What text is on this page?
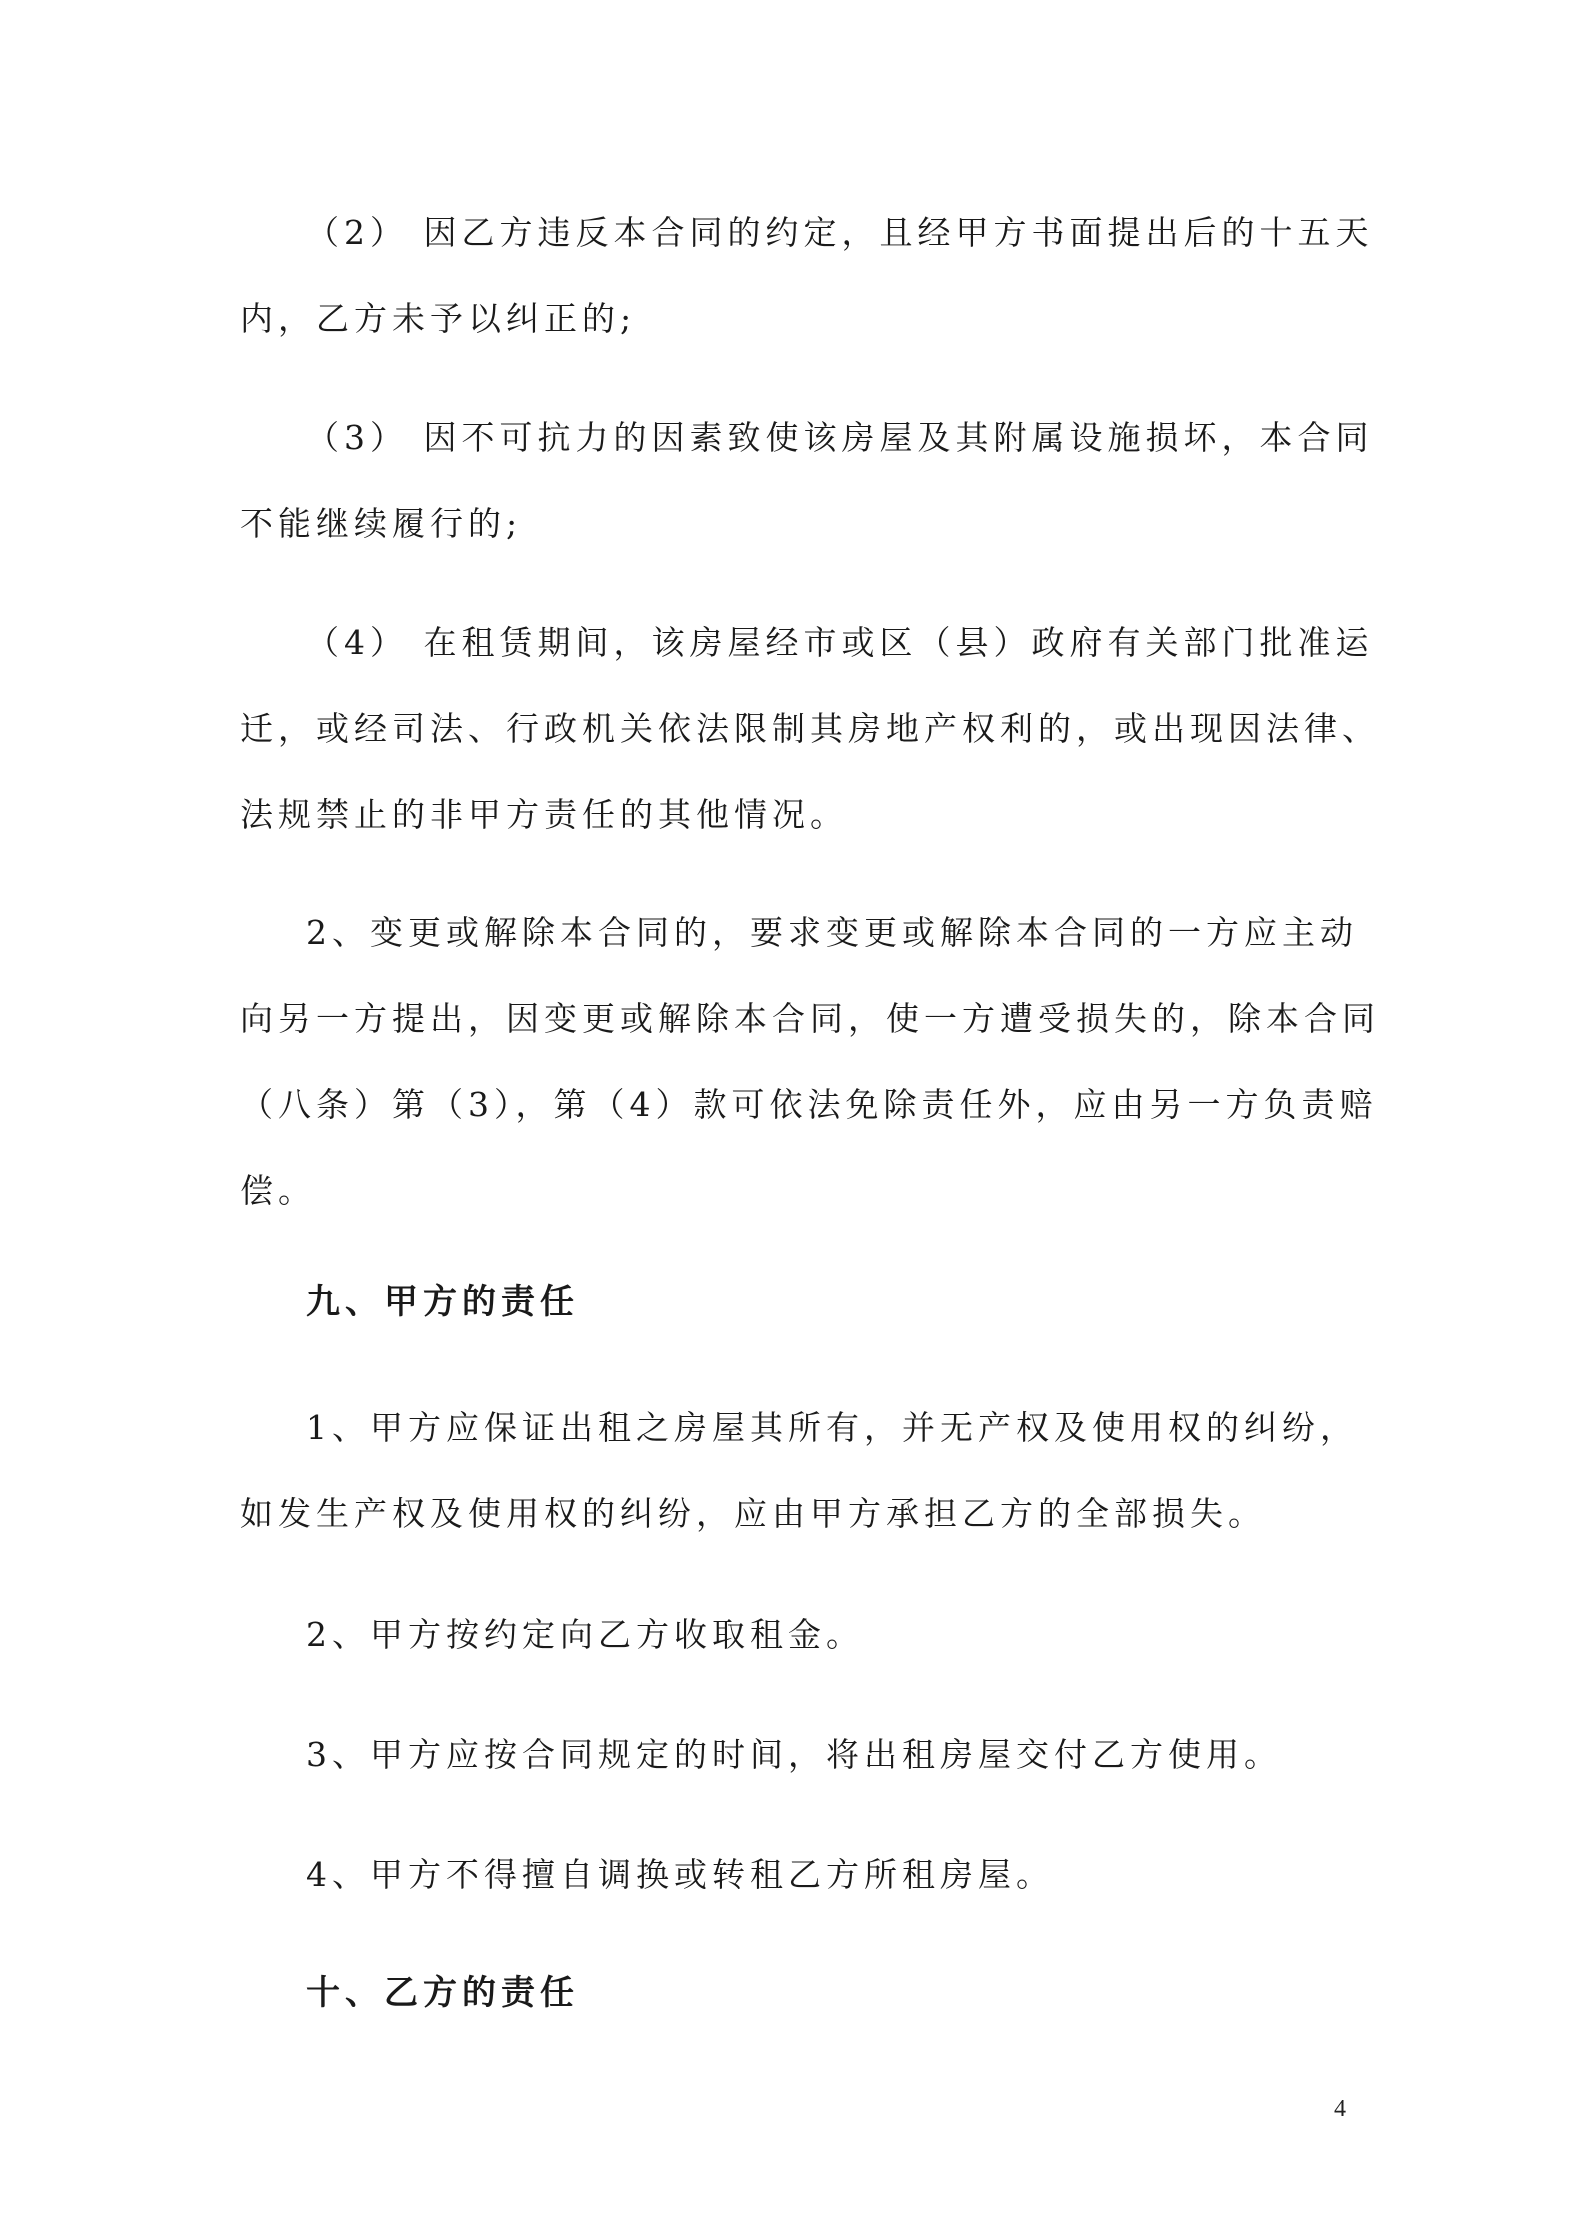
（2） 因乙方违反本合同的约定，且经甲方书面提出后的十五天
内，乙方未予以纠正的;

（3） 因不可抗力的因素致使该房屋及其附属设施损坏，本合同
不能继续履行的;

（4） 在租赁期间，该房屋经市或区（县）政府有关部门批准运
迁，或经司法、行政机关依法限制其房地产权利的，或出现因法律、
法规禁止的非甲方责任的其他情况。

2、变更或解除本合同的，要求变更或解除本合同的一方应主动
向另一方提出，因变更或解除本合同，使一方遭受损失的，除本合同
（八条）第（3），第（4）款可依法免除责任外，应由另一方负责赔
偿。

九、甲方的责任

1、甲方应保证出租之房屋其所有，并无产权及使用权的纠纷，
如发生产权及使用权的纠纷，应由甲方承担乙方的全部损失。

2、甲方按约定向乙方收取租金。

3、甲方应按合同规定的时间，将出租房屋交付乙方使用。

4、甲方不得擅自调换或转租乙方所租房屋。

十、乙方的责任
4
